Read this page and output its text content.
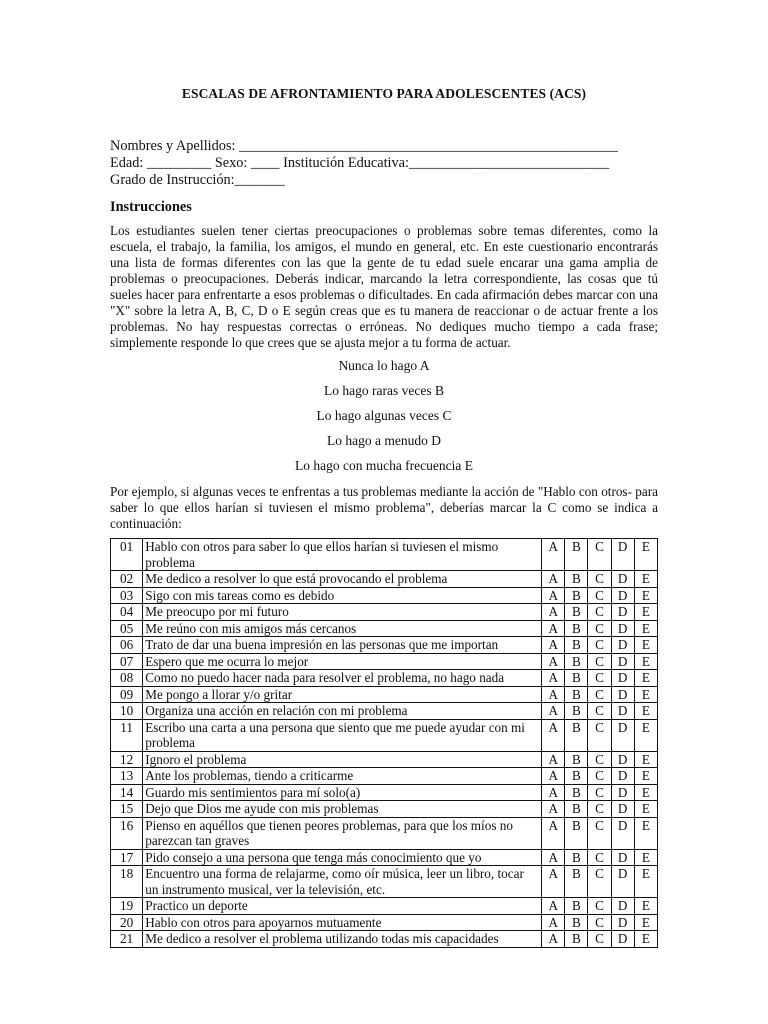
ESCALAS DE AFRONTAMIENTO PARA ADOLESCENTES (ACS)
Nombres y Apellidos: _____________________________________________________
Edad: _________ Sexo: ____ Institución Educativa:____________________________
Grado de Instrucción:_______
Instrucciones
Los estudiantes suelen tener ciertas preocupaciones o problemas sobre temas diferentes, como la escuela, el trabajo, la familia, los amigos, el mundo en general, etc. En este cuestionario encontrarás una lista de formas diferentes con las que la gente de tu edad suele encarar una gama amplia de problemas o preocupaciones. Deberás indicar, marcando la letra correspondiente, las cosas que tú sueles hacer para enfrentarte a esos problemas o dificultades. En cada afirmación debes marcar con una "X" sobre la letra A, B, C, D o E según creas que es tu manera de reaccionar o de actuar frente a los problemas. No hay respuestas correctas o erróneas. No dediques mucho tiempo a cada frase; simplemente responde lo que crees que se ajusta mejor a tu forma de actuar.
Nunca lo hago A
Lo hago raras veces B
Lo hago algunas veces C
Lo hago a menudo D
Lo hago con mucha frecuencia E
Por ejemplo, si algunas veces te enfrentas a tus problemas mediante la acción de "Hablo con otros- para saber lo que ellos harían si tuviesen el mismo problema", deberías marcar la C como se indica a continuación:
01	Hablo con otros para saber lo que ellos harían si tuviesen el mismo problema	A	B	C	D	E
02	Me dedico a resolver lo que está provocando el problema	A	B	C	D	E
03	Sigo con mis tareas como es debido	A	B	C	D	E
04	Me preocupo por mi futuro	A	B	C	D	E
05	Me reúno con mis amigos más cercanos	A	B	C	D	E
06	Trato de dar una buena impresión en las personas que me importan	A	B	C	D	E
07	Espero que me ocurra lo mejor	A	B	C	D	E
08	Como no puedo hacer nada para resolver el problema, no hago nada	A	B	C	D	E
09	Me pongo a llorar y/o gritar	A	B	C	D	E
10	Organiza una acción en relación con mi problema	A	B	C	D	E
11	Escribo una carta a una persona que siento que me puede ayudar con mi problema	A	B	C	D	E
12	Ignoro el problema	A	B	C	D	E
13	Ante los problemas, tiendo a criticarme	A	B	C	D	E
14	Guardo mis sentimientos para mí solo(a)	A	B	C	D	E
15	Dejo que Dios me ayude con mis problemas	A	B	C	D	E
16	Pienso en aquéllos que tienen peores problemas, para que los míos no parezcan tan graves	A	B	C	D	E
17	Pido consejo a una persona que tenga más conocimiento que yo	A	B	C	D	E
18	Encuentro una forma de relajarme, como oír música, leer un libro, tocar un instrumento musical, ver la televisión, etc.	A	B	C	D	E
19	Practico un deporte	A	B	C	D	E
20	Hablo con otros para apoyarnos mutuamente	A	B	C	D	E
21	Me dedico a resolver el problema utilizando todas mis capacidades	A	B	C	D	E
